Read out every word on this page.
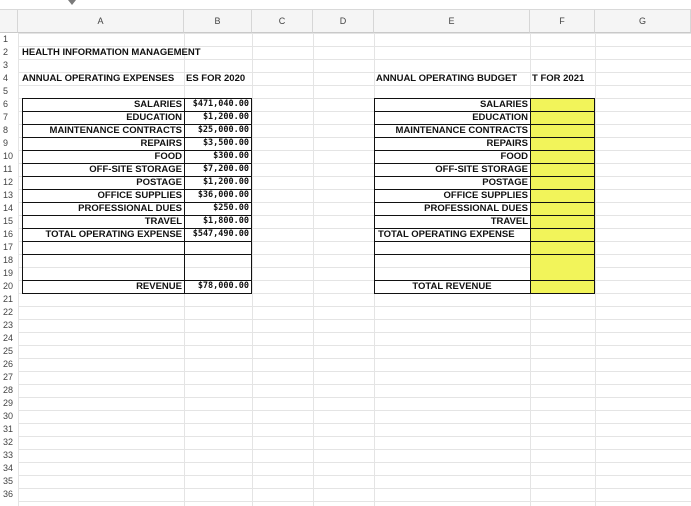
A	B	C	D	E	F	G
1
2
3
4
5
6
7
8
9
10
11
12
13
14
15
16
17
18
19
20
21
22
23
24
25
26
27
28
29
30
31
32
33
34
35
36
HEALTH INFORMATION MANAGEMENT
ANNUAL OPERATING EXPENSES	ES FOR 2020	ANNUAL OPERATING BUDGET	T FOR 2021
SALARIES	$471,040.00
EDUCATION	$1,200.00
MAINTENANCE CONTRACTS	$25,000.00
REPAIRS	$3,500.00
FOOD	$300.00
OFF-SITE STORAGE	$7,200.00
POSTAGE	$1,200.00
OFFICE SUPPLIES	$36,000.00
PROFESSIONAL DUES	$250.00
TRAVEL	$1,800.00
TOTAL OPERATING EXPENSE	$547,490.00
REVENUE	$78,000.00
SALARIES
EDUCATION
MAINTENANCE CONTRACTS
REPAIRS
FOOD
OFF-SITE STORAGE
POSTAGE
OFFICE SUPPLIES
PROFESSIONAL DUES
TRAVEL
TOTAL OPERATING EXPENSE
TOTAL REVENUE
